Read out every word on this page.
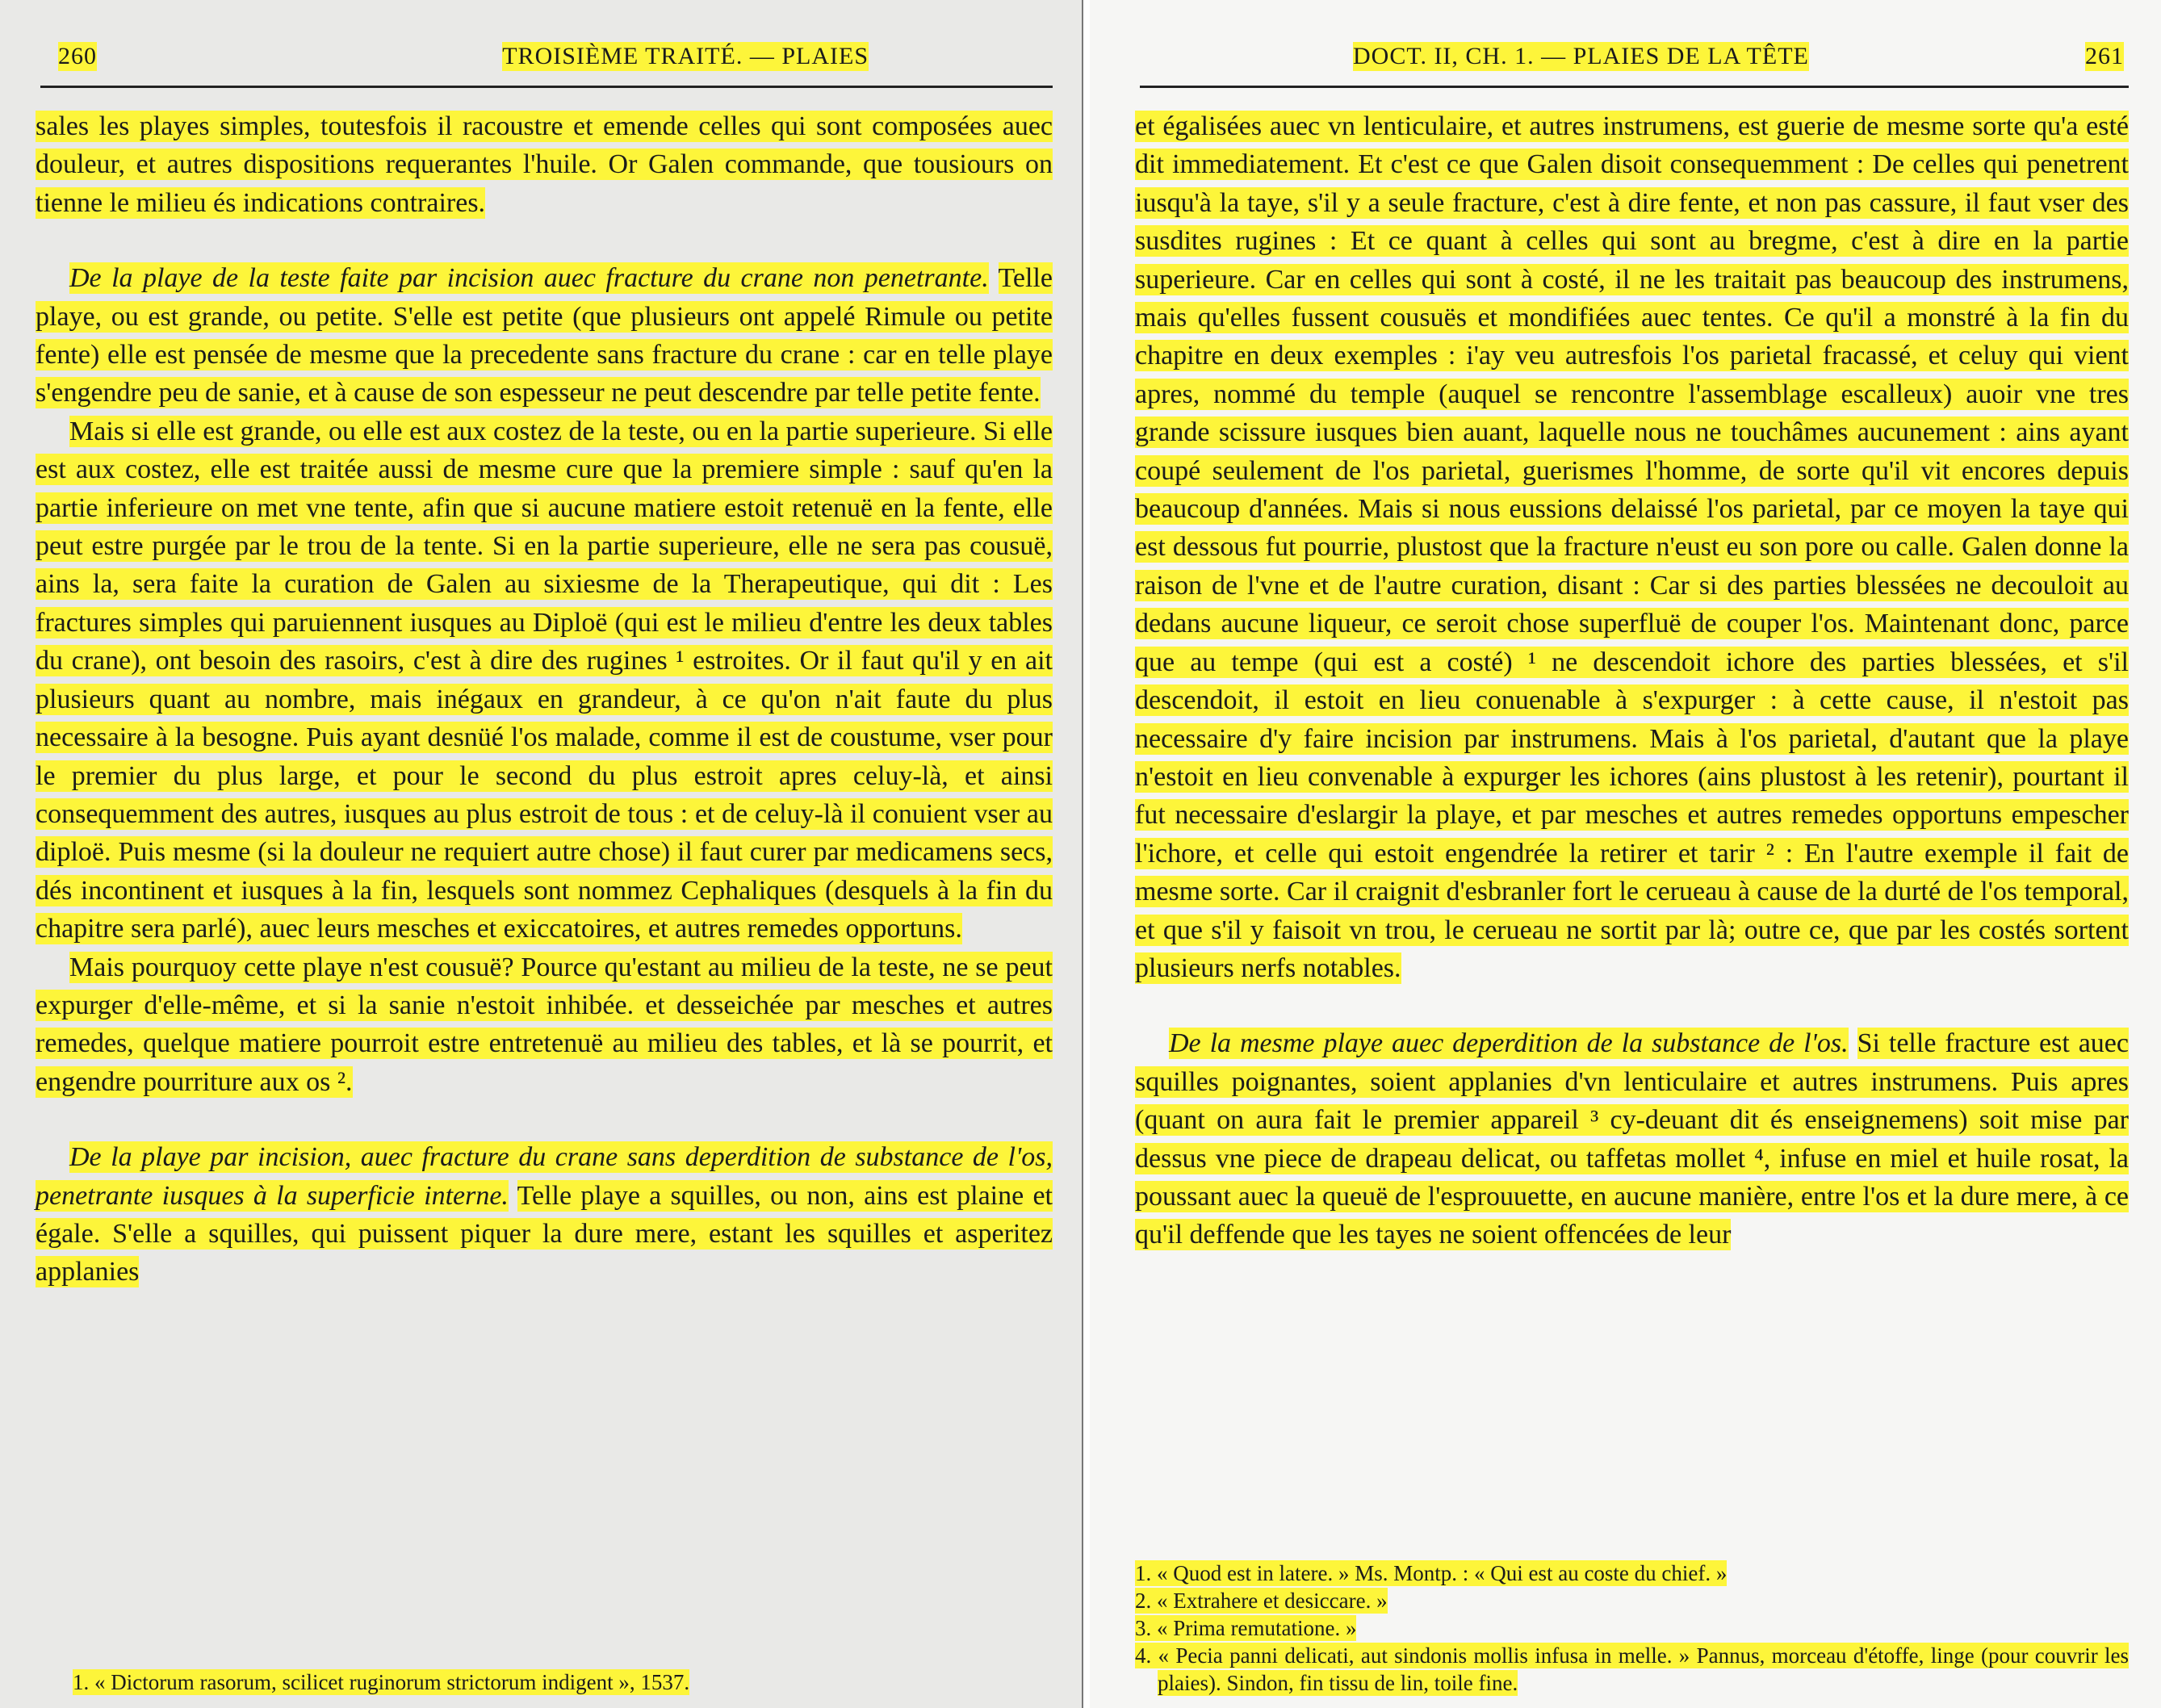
260	TROISIÈME TRAITÉ. — PLAIES

sales les playes simples, toutesfois il racoustre et emende celles qui sont composées auec douleur, et autres dispositions requerantes l'huile. Or Galen commande, que tousiours on tienne le milieu és indications contraires.

De la playe de la teste faite par incision auec fracture du crane non penetrante. Telle playe, ou est grande, ou petite. S'elle est petite (que plusieurs ont appelé Rimule ou petite fente) elle est pensée de mesme que la precedente sans fracture du crane : car en telle playe s'engendre peu de sanie, et à cause de son espesseur ne peut descendre par telle petite fente.

Mais si elle est grande, ou elle est aux costez de la teste, ou en la partie superieure. Si elle est aux costez, elle est traitée aussi de mesme cure que la premiere simple : sauf qu'en la partie inferieure on met vne tente, afin que si aucune matiere estoit retenuë en la fente, elle peut estre purgée par le trou de la tente. Si en la partie superieure, elle ne sera pas cousuë, ains la, sera faite la curation de Galen au sixiesme de la Therapeutique, qui dit : Les fractures simples qui paruiennent iusques au Diploë (qui est le milieu d'entre les deux tables du crane), ont besoin des rasoirs, c'est à dire des rugines ¹ estroites. Or il faut qu'il y en ait plusieurs quant au nombre, mais inégaux en grandeur, à ce qu'on n'ait faute du plus necessaire à la besogne. Puis ayant desnüé l'os malade, comme il est de coustume, vser pour le premier du plus large, et pour le second du plus estroit apres celuy-là, et ainsi consequemment des autres, iusques au plus estroit de tous : et de celuy-là il conuient vser au diploë. Puis mesme (si la douleur ne requiert autre chose) il faut curer par medicamens secs, dés incontinent et iusques à la fin, lesquels sont nommez Cephaliques (desquels à la fin du chapitre sera parlé), auec leurs mesches et exiccatoires, et autres remedes opportuns.

Mais pourquoy cette playe n'est cousuë? Pource qu'estant au milieu de la teste, ne se peut expurger d'elle-même, et si la sanie n'estoit inhibée. et desseichée par mesches et autres remedes, quelque matiere pourroit estre entretenuë au milieu des tables, et là se pourrit, et engendre pourriture aux os ².

De la playe par incision, auec fracture du crane sans deperdition de substance de l'os, penetrante iusques à la superficie interne. Telle playe a squilles, ou non, ains est plaine et égale. S'elle a squilles, qui puissent piquer la dure mere, estant les squilles et asperitez applanies

1. « Dictorum rasorum, scilicet ruginorum strictorum indigent », 1537.

DOCT. II, CH. 1. — PLAIES DE LA TÊTE	261

et égalisées auec vn lenticulaire, et autres instrumens, est guerie de mesme sorte qu'a esté dit immediatement. Et c'est ce que Galen disoit consequemment : De celles qui penetrent iusqu'à la taye, s'il y a seule fracture, c'est à dire fente, et non pas cassure, il faut vser des susdites rugines : Et ce quant à celles qui sont au bregme, c'est à dire en la partie superieure. Car en celles qui sont à costé, il ne les traitait pas beaucoup des instrumens, mais qu'elles fussent cousuës et mondifiées auec tentes. Ce qu'il a monstré à la fin du chapitre en deux exemples : i'ay veu autresfois l'os parietal fracassé, et celuy qui vient apres, nommé du temple (auquel se rencontre l'assemblage escalleux) auoir vne tres grande scissure iusques bien auant, laquelle nous ne touchâmes aucunement : ains ayant coupé seulement de l'os parietal, guerismes l'homme, de sorte qu'il vit encores depuis beaucoup d'années. Mais si nous eussions delaissé l'os parietal, par ce moyen la taye qui est dessous fut pourrie, plustost que la fracture n'eust eu son pore ou calle. Galen donne la raison de l'vne et de l'autre curation, disant : Car si des parties blessées ne decouloit au dedans aucune liqueur, ce seroit chose superfluë de couper l'os. Maintenant donc, parce que au tempe (qui est a costé) ¹ ne descendoit ichore des parties blessées, et s'il descendoit, il estoit en lieu conuenable à s'expurger : à cette cause, il n'estoit pas necessaire d'y faire incision par instrumens. Mais à l'os parietal, d'autant que la playe n'estoit en lieu convenable à expurger les ichores (ains plustost à les retenir), pourtant il fut necessaire d'eslargir la playe, et par mesches et autres remedes opportuns empescher l'ichore, et celle qui estoit engendrée la retirer et tarir ² : En l'autre exemple il fait de mesme sorte. Car il craignit d'esbranler fort le cerueau à cause de la durté de l'os temporal, et que s'il y faisoit vn trou, le cerueau ne sortit par là; outre ce, que par les costés sortent plusieurs nerfs notables.

De la mesme playe auec deperdition de la substance de l'os. Si telle fracture est auec squilles poignantes, soient applanies d'vn lenticulaire et autres instrumens. Puis apres (quant on aura fait le premier appareil ³ cy-deuant dit és enseignemens) soit mise par dessus vne piece de drapeau delicat, ou taffetas mollet ⁴, infuse en miel et huile rosat, la poussant auec la queuë de l'esprouuette, en aucune manière, entre l'os et la dure mere, à ce qu'il deffende que les tayes ne soient offencées de leur

1. « Quod est in latere. » Ms. Montp. : « Qui est au coste du chief. »

2. « Extrahere et desiccare. »

3. « Prima remutatione. »

4. « Pecia panni delicati, aut sindonis mollis infusa in melle. » Pannus, morceau d'étoffe, linge (pour couvrir les plaies). Sindon, fin tissu de lin, toile fine.
